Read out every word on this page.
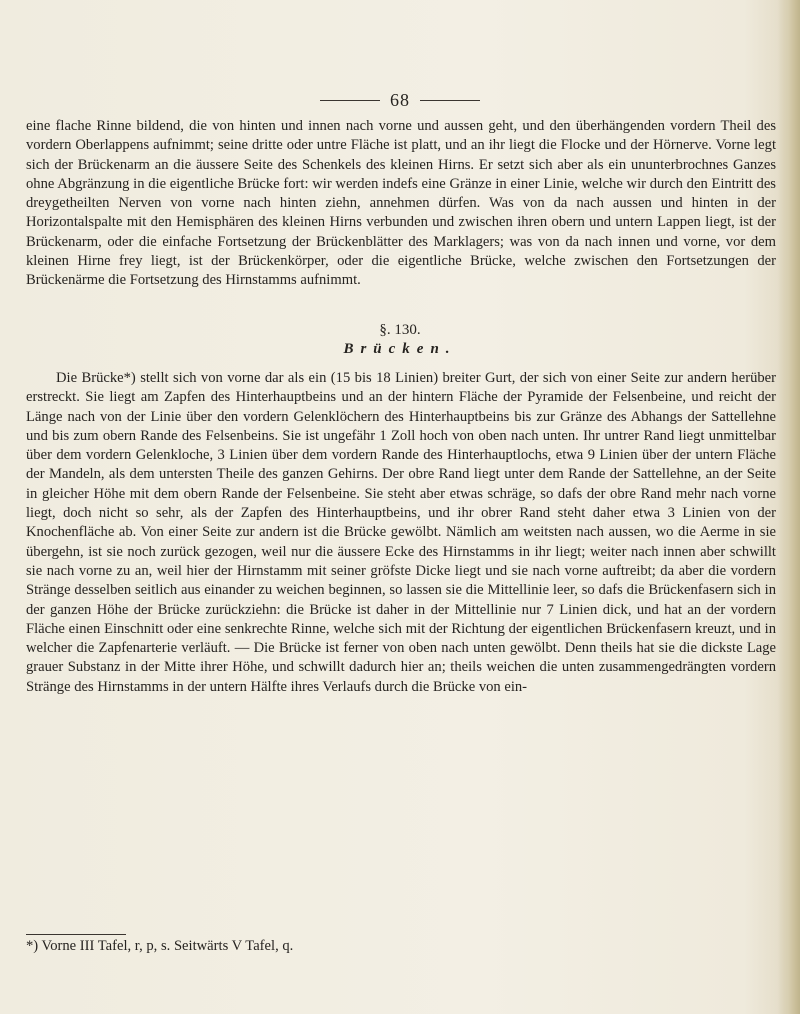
68
eine flache Rinne bildend, die von hinten und innen nach vorne und aussen geht, und den überhängenden vordern Theil des vordern Oberlappens aufnimmt; seine dritte oder untre Fläche ist platt, und an ihr liegt die Flocke und der Hörnerve. Vorne legt sich der Brückenarm an die äussere Seite des Schenkels des kleinen Hirns. Er setzt sich aber als ein ununterbrochnes Ganzes ohne Abgränzung in die eigentliche Brücke fort: wir werden indefs eine Gränze in einer Linie, welche wir durch den Eintritt des dreygetheilten Nerven von vorne nach hinten ziehn, annehmen dürfen. Was von da nach aussen und hinten in der Horizontalspalte mit den Hemisphären des kleinen Hirns verbunden und zwischen ihren obern und untern Lappen liegt, ist der Brückenarm, oder die einfache Fortsetzung der Brückenblätter des Marklagers; was von da nach innen und vorne, vor dem kleinen Hirne frey liegt, ist der Brückenkörper, oder die eigentliche Brücke, welche zwischen den Fortsetzungen der Brückenärme die Fortsetzung des Hirnstamms aufnimmt.
§. 130.
Brücken.
Die Brücke*) stellt sich von vorne dar als ein (15 bis 18 Linien) breiter Gurt, der sich von einer Seite zur andern herüber erstreckt. Sie liegt am Zapfen des Hinterhauptbeins und an der hintern Fläche der Pyramide der Felsenbeine, und reicht der Länge nach von der Linie über den vordern Gelenklöchern des Hinterhauptbeins bis zur Gränze des Abhangs der Sattellehne und bis zum obern Rande des Felsenbeins. Sie ist ungefähr 1 Zoll hoch von oben nach unten. Ihr untrer Rand liegt unmittelbar über dem vordern Gelenkloche, 3 Linien über dem vordern Rande des Hinterhauptlochs, etwa 9 Linien über der untern Fläche der Mandeln, als dem untersten Theile des ganzen Gehirns. Der obre Rand liegt unter dem Rande der Sattellehne, an der Seite in gleicher Höhe mit dem obern Rande der Felsenbeine. Sie steht aber etwas schräge, so dafs der obre Rand mehr nach vorne liegt, doch nicht so sehr, als der Zapfen des Hinterhauptbeins, und ihr obrer Rand steht daher etwa 3 Linien von der Knochenfläche ab. Von einer Seite zur andern ist die Brücke gewölbt. Nämlich am weitsten nach aussen, wo die Aerme in sie übergehn, ist sie noch zurück gezogen, weil nur die äussere Ecke des Hirnstamms in ihr liegt; weiter nach innen aber schwillt sie nach vorne zu an, weil hier der Hirnstamm mit seiner gröfste Dicke liegt und sie nach vorne auftreibt; da aber die vordern Stränge desselben seitlich aus einander zu weichen beginnen, so lassen sie die Mittellinie leer, so dafs die Brückenfasern sich in der ganzen Höhe der Brücke zurückziehn: die Brücke ist daher in der Mittellinie nur 7 Linien dick, und hat an der vordern Fläche einen Einschnitt oder eine senkrechte Rinne, welche sich mit der Richtung der eigentlichen Brückenfasern kreuzt, und in welcher die Zapfenarterie verläuft. — Die Brücke ist ferner von oben nach unten gewölbt. Denn theils hat sie die dickste Lage grauer Substanz in der Mitte ihrer Höhe, und schwillt dadurch hier an; theils weichen die unten zusammengedrängten vordern Stränge des Hirnstamms in der untern Hälfte ihres Verlaufs durch die Brücke von ein-
*) Vorne III Tafel, r, p, s. Seitwärts V Tafel, q.
